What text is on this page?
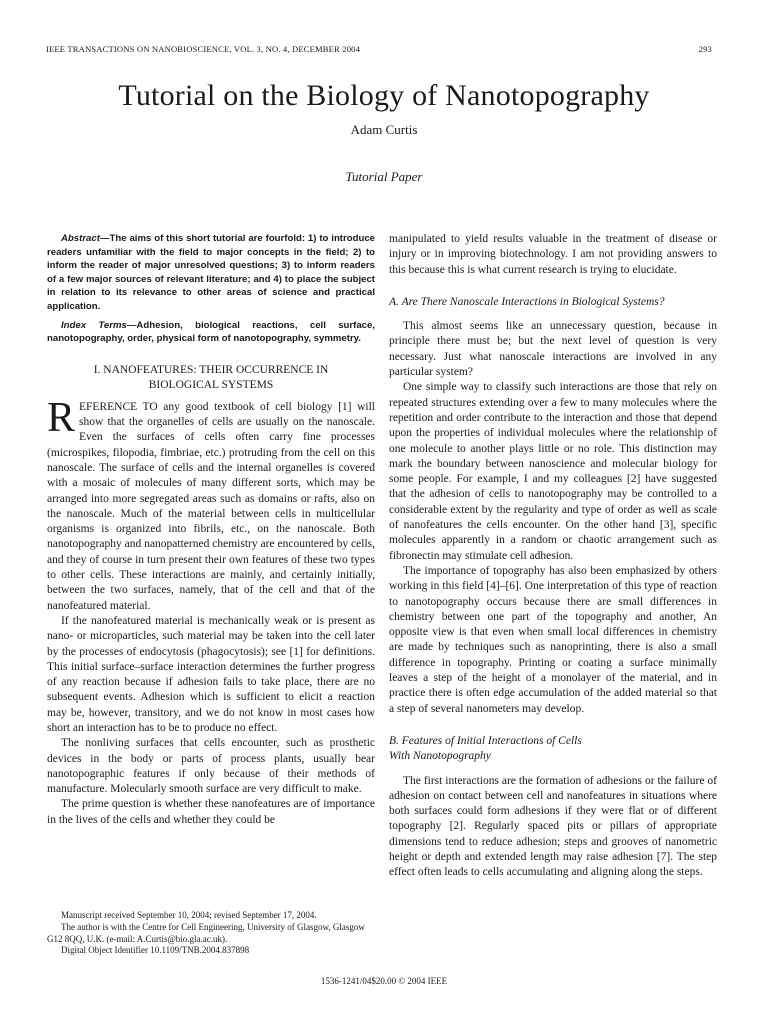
IEEE TRANSACTIONS ON NANOBIOSCIENCE, VOL. 3, NO. 4, DECEMBER 2004	293
Tutorial on the Biology of Nanotopography
Adam Curtis
Tutorial Paper
Abstract—The aims of this short tutorial are fourfold: 1) to introduce readers unfamiliar with the field to major concepts in the field; 2) to inform the reader of major unresolved questions; 3) to inform readers of a few major sources of relevant literature; and 4) to place the subject in relation to its relevance to other areas of science and practical application.
Index Terms—Adhesion, biological reactions, cell surface, nanotopography, order, physical form of nanotopography, symmetry.
I. NANOFEATURES: THEIR OCCURRENCE IN
BIOLOGICAL SYSTEMS

REFERENCE TO any good textbook of cell biology [1] will show that the organelles of cells are usually on the nanoscale. Even the surfaces of cells often carry fine processes (microspikes, filopodia, fimbriae, etc.) protruding from the cell on this nanoscale. The surface of cells and the internal organelles is covered with a mosaic of molecules of many different sorts, which may be arranged into more segregated areas such as domains or rafts, also on the nanoscale. Much of the material between cells in multicellular organisms is organized into fibrils, etc., on the nanoscale. Both nanotopography and nanopatterned chemistry are encountered by cells, and they of course in turn present their own features of these two types to other cells. These interactions are mainly, and certainly initially, between the two surfaces, namely, that of the cell and that of the nanofeatured material.

If the nanofeatured material is mechanically weak or is present as nano- or microparticles, such material may be taken into the cell later by the processes of endocytosis (phagocytosis); see [1] for definitions. This initial surface–surface interaction determines the further progress of any reaction because if adhesion fails to take place, there are no subsequent events. Adhesion which is sufficient to elicit a reaction may be, however, transitory, and we do not know in most cases how short an interaction has to be to produce no effect.

The nonliving surfaces that cells encounter, such as prosthetic devices in the body or parts of process plants, usually bear nanotopographic features if only because of their methods of manufacture. Molecularly smooth surface are very difficult to make.

The prime question is whether these nanofeatures are of importance in the lives of the cells and whether they could be

manipulated to yield results valuable in the treatment of disease or injury or in improving biotechnology. I am not providing answers to this because this is what current research is trying to elucidate.

A. Are There Nanoscale Interactions in Biological Systems?

This almost seems like an unnecessary question, because in principle there must be; but the next level of question is very necessary. Just what nanoscale interactions are involved in any particular system?

One simple way to classify such interactions are those that rely on repeated structures extending over a few to many molecules where the repetition and order contribute to the interaction and those that depend upon the properties of individual molecules where the relationship of one molecule to another plays little or no role. This distinction may mark the boundary between nanoscience and molecular biology for some people. For example, I and my colleagues [2] have suggested that the adhesion of cells to nanotopography may be controlled to a considerable extent by the regularity and type of order as well as scale of nanofeatures the cells encounter. On the other hand [3], specific molecules apparently in a random or chaotic arrangement such as fibronectin may stimulate cell adhesion.

The importance of topography has also been emphasized by others working in this field [4]–[6]. One interpretation of this type of reaction to nanotopography occurs because there are small differences in chemistry between one part of the topography and another, An opposite view is that even when small local differences in chemistry are made by techniques such as nanoprinting, there is also a small difference in topography. Printing or coating a surface minimally leaves a step of the height of a monolayer of the material, and in practice there is often edge accumulation of the added material so that a step of several nanometers may develop.

B. Features of Initial Interactions of Cells
With Nanotopography

The first interactions are the formation of adhesions or the failure of adhesion on contact between cell and nanofeatures in situations where both surfaces could form adhesions if they were flat or of different topography [2]. Regularly spaced pits or pillars of appropriate dimensions tend to reduce adhesion; steps and grooves of nanometric height or depth and extended length may raise adhesion [7]. The step effect often leads to cells accumulating and aligning along the steps.

Manuscript received September 10, 2004; revised September 17, 2004.

The author is with the Centre for Cell Engineering, University of Glasgow, Glasgow G12 8QQ, U.K. (e-mail: A.Curtis@bio.gla.ac.uk).

Digital Object Identifier 10.1109/TNB.2004.837898

1536-1241/04$20.00 © 2004 IEEE
